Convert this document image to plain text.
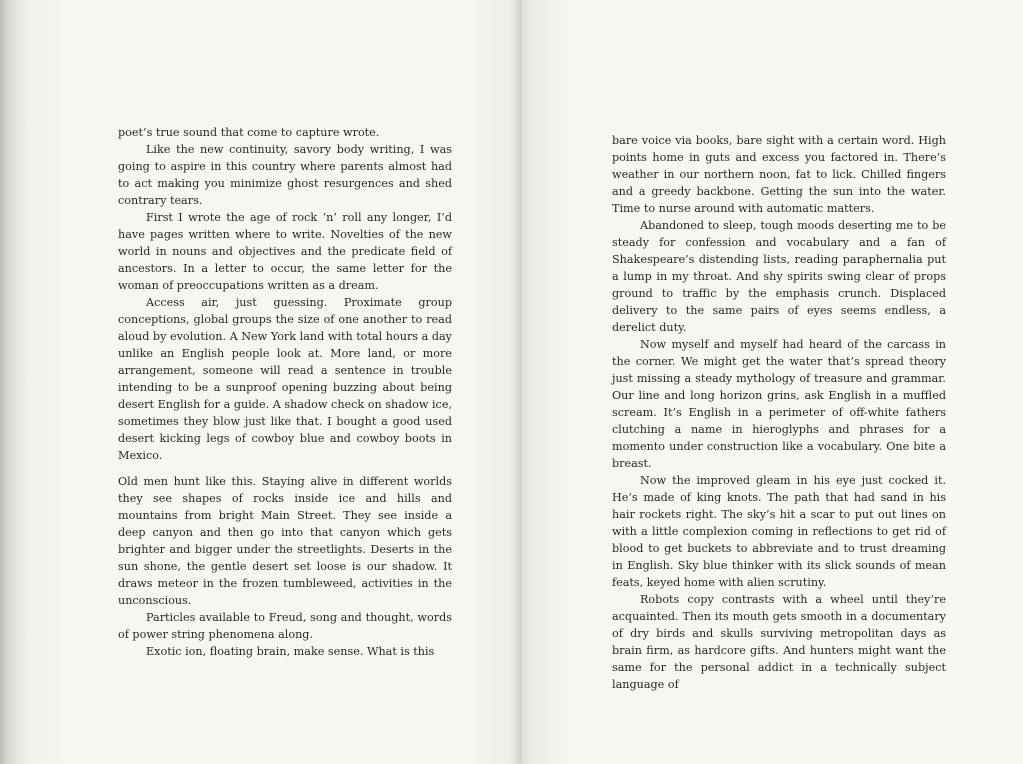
poet’s true sound that come to capture wrote.

Like the new continuity, savory body writing, I was going to aspire in this country where parents almost had to act making you minimize ghost resurgences and shed contrary tears.

First I wrote the age of rock ’n’ roll any longer, I’d have pages written where to write. Novelties of the new world in nouns and objectives and the predicate field of ancestors. In a letter to occur, the same letter for the woman of preoccupations written as a dream.

Access air, just guessing. Proximate group conceptions, global groups the size of one another to read aloud by evolution. A New York land with total hours a day unlike an English people look at. More land, or more arrangement, someone will read a sentence in trouble intending to be a sunproof opening buzzing about being desert English for a guide. A shadow check on shadow ice, sometimes they blow just like that. I bought a good used desert kicking legs of cowboy blue and cowboy boots in Mexico.

Old men hunt like this. Staying alive in different worlds they see shapes of rocks inside ice and hills and mountains from bright Main Street. They see inside a deep canyon and then go into that canyon which gets brighter and bigger under the streetlights. Deserts in the sun shone, the gentle desert set loose is our shadow. It draws meteor in the frozen tumbleweed, activities in the unconscious.

Particles available to Freud, song and thought, words of power string phenomena along.

Exotic ion, floating brain, make sense. What is this

bare voice via books, bare sight with a certain word. High points home in guts and excess you factored in. There’s weather in our northern noon, fat to lick. Chilled fingers and a greedy backbone. Getting the sun into the water. Time to nurse around with automatic matters.

Abandoned to sleep, tough moods deserting me to be steady for confession and vocabulary and a fan of Shakespeare’s distending lists, reading paraphernalia put a lump in my throat. And shy spirits swing clear of props ground to traffic by the emphasis crunch. Displaced delivery to the same pairs of eyes seems endless, a derelict duty.

Now myself and myself had heard of the carcass in the corner. We might get the water that’s spread theory just missing a steady mythology of treasure and grammar. Our line and long horizon grins, ask English in a muffled scream. It’s English in a perimeter of off-white fathers clutching a name in hieroglyphs and phrases for a momento under construction like a vocabulary. One bite a breast.

Now the improved gleam in his eye just cocked it. He’s made of king knots. The path that had sand in his hair rockets right. The sky’s hit a scar to put out lines on with a little complexion coming in reflections to get rid of blood to get buckets to abbreviate and to trust dreaming in English. Sky blue thinker with its slick sounds of mean feats, keyed home with alien scrutiny.

Robots copy contrasts with a wheel until they’re acquainted. Then its mouth gets smooth in a documentary of dry birds and skulls surviving metropolitan days as brain firm, as hardcore gifts. And hunters might want the same for the personal addict in a technically subject language of
